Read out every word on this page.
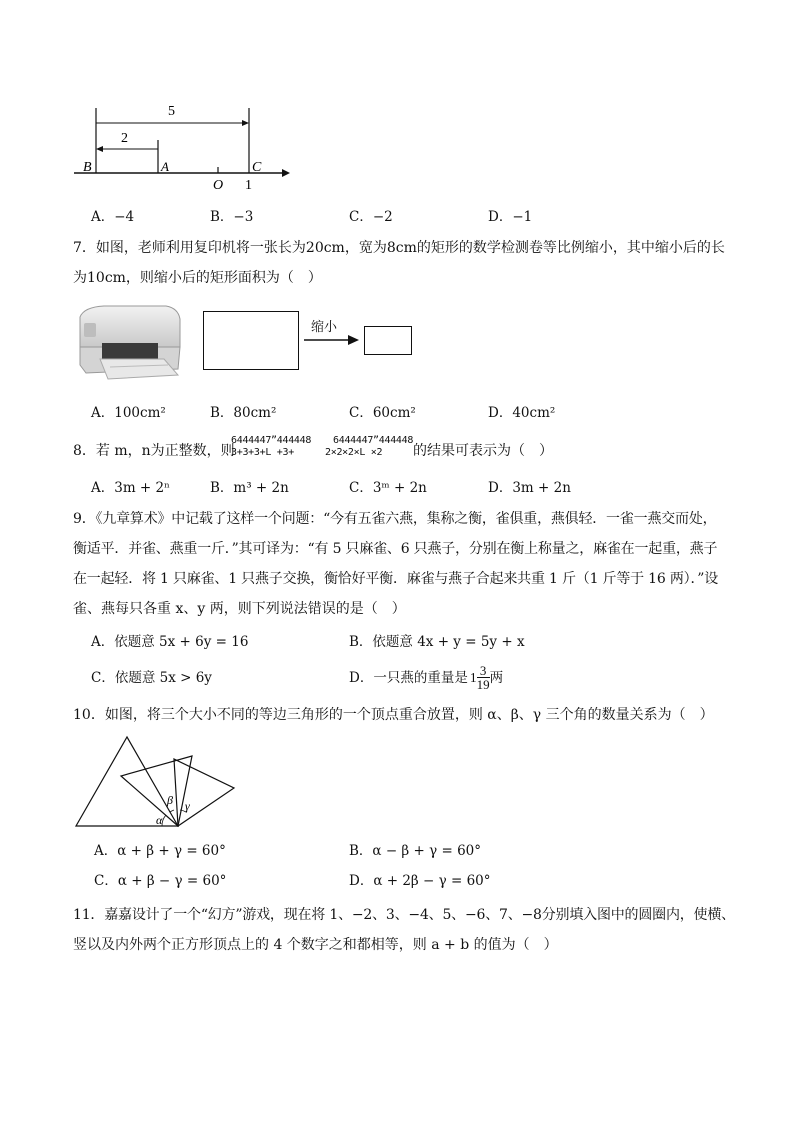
5
2
B	A
O
C
1
A．−4	B．−3	C．−2	D．−1
7．如图，老师利用复印机将一张长为20cm，宽为8cm的矩形的数学检测卷等比例缩小，其中缩小后的长
为10cm，则缩小后的矩形面积为（　）
缩小
A．100cm²	B．80cm²	C．60cm²	D．40cm²
8．若 m，n为正整数，则
6444447”444448
3+3+3+L +3+
6444447”444448
2×2×2×L ×2 的结果可表示为（　）
A．3m + 2ⁿ	B．m³ + 2n	C．3ᵐ + 2n	D．3m + 2n
9．《九章算术》中记载了这样一个问题：“今有五雀六燕，集称之衡，雀俱重，燕俱轻．一雀一燕交而处，
衡适平．并雀、燕重一斤．”其可译为：“有 5 只麻雀、6 只燕子，分别在衡上称量之，麻雀在一起重，燕子
在一起轻．将 1 只麻雀、1 只燕子交换，衡恰好平衡．麻雀与燕子合起来共重 1 斤（1 斤等于 16 两）．”设
雀、燕每只各重 x、y 两，则下列说法错误的是（　）
A．依题意 5x + 6y = 16	B．依题意 4x + y = 5y + x
C．依题意 5x > 6y	D．一只燕的重量是 $1 \frac{3}{19}$ 两
10．如图，将三个大小不同的等边三角形的一个顶点重合放置，则 α、β、γ 三个角的数量关系为（　）
α
β γ
A．α + β + γ = 60°	B．α − β + γ = 60°
C．α + β − γ = 60°	D．α + 2β − γ = 60°
11．嘉嘉设计了一个“幻方”游戏，现在将 1、−2、3、−4、5、−6、7、−8分别填入图中的圆圈内，使横、
竖以及内外两个正方形顶点上的 4 个数字之和都相等，则 a + b 的值为（　）
